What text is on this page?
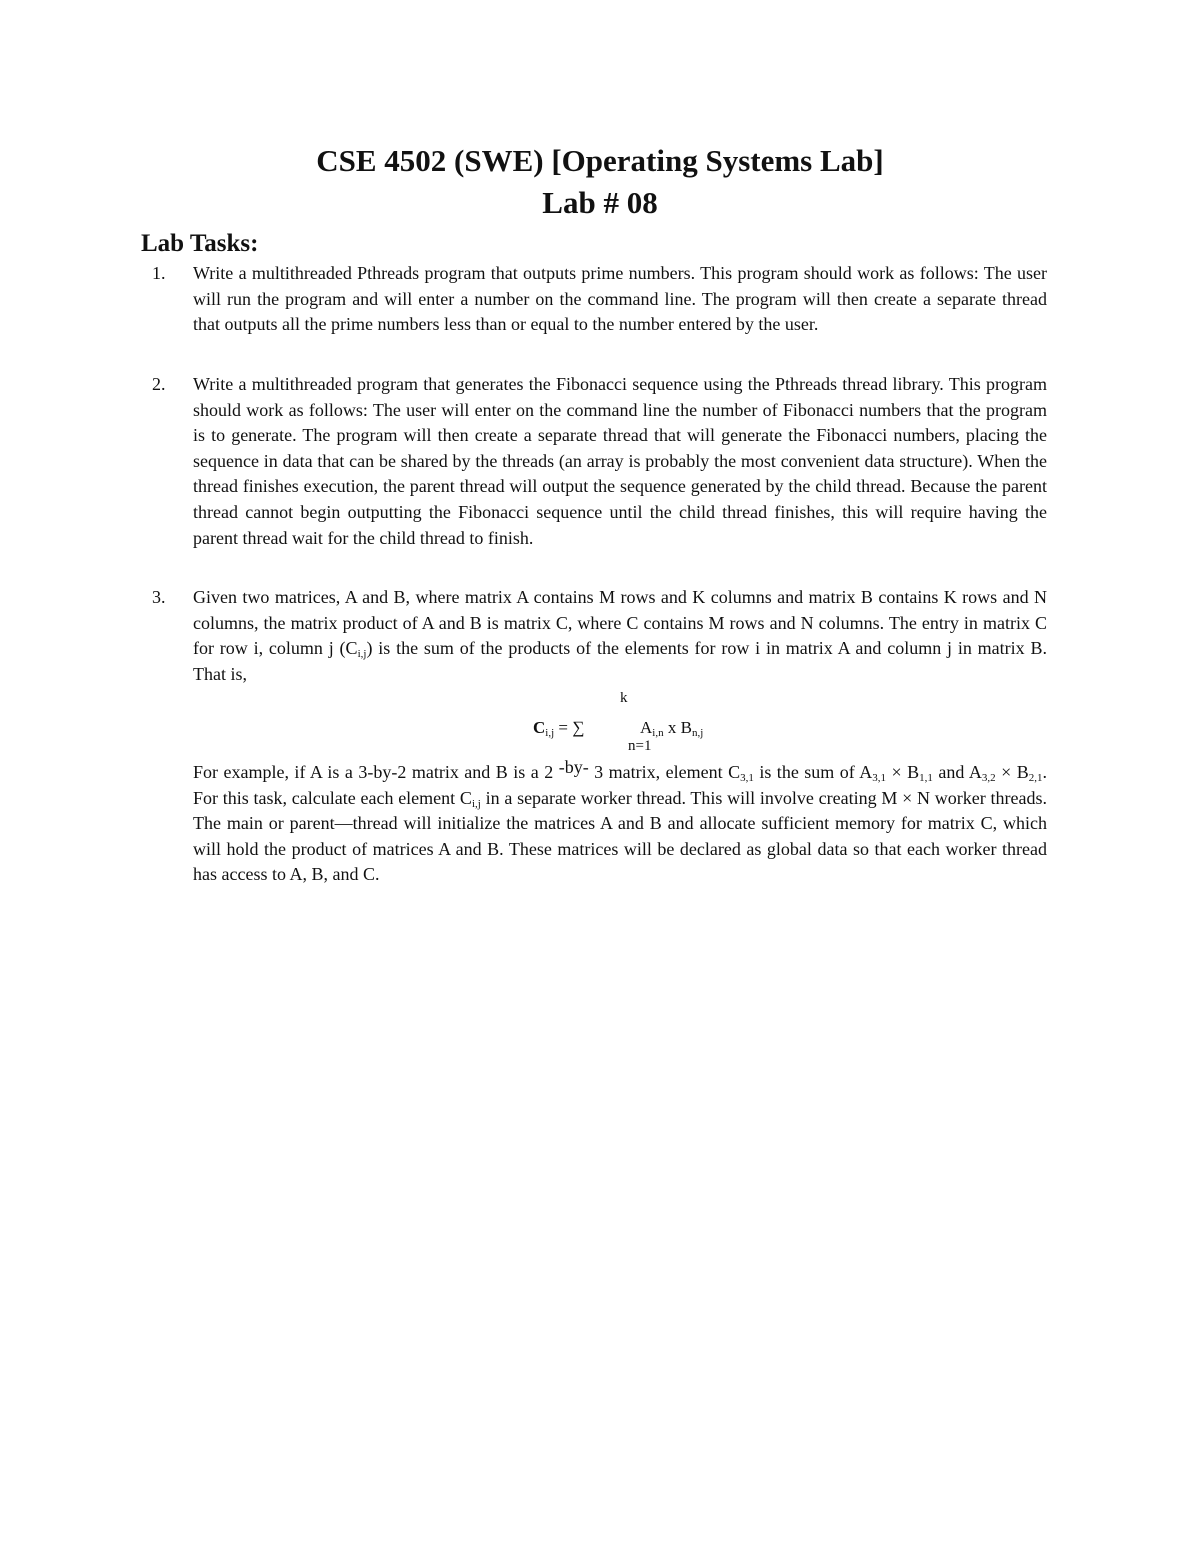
CSE 4502 (SWE) [Operating Systems Lab]
Lab # 08
Lab Tasks:
1. Write a multithreaded Pthreads program that outputs prime numbers. This program should work as follows: The user will run the program and will enter a number on the command line. The program will then create a separate thread that outputs all the prime numbers less than or equal to the number entered by the user.
2. Write a multithreaded program that generates the Fibonacci sequence using the Pthreads thread library. This program should work as follows: The user will enter on the command line the number of Fibonacci numbers that the program is to generate. The program will then create a separate thread that will generate the Fibonacci numbers, placing the sequence in data that can be shared by the threads (an array is probably the most convenient data structure). When the thread finishes execution, the parent thread will output the sequence generated by the child thread. Because the parent thread cannot begin outputting the Fibonacci sequence until the child thread finishes, this will require having the parent thread wait for the child thread to finish.
3. Given two matrices, A and B, where matrix A contains M rows and K columns and matrix B contains K rows and N columns, the matrix product of A and B is matrix C, where C contains M rows and N columns. The entry in matrix C for row i, column j $(C_{i,j})$ is the sum of the products of the elements for row i in matrix A and column j in matrix B. That is,
k
$C_{i,j}$ = ∑	$A_{i,n}$ x $B_{n,j}$
n=1
For example, if A is a 3-by-2 matrix and B is a 2 -by- 3 matrix, element $C_{3,1}$ is the sum of $A_{3,1} \times B_{1,1}$ and $A_{3,2} \times B_{2,1}$. For this task, calculate each element $C_{i,j}$ in a separate worker thread. This will involve creating M × N worker threads. The main or parent—thread will initialize the matrices A and B and allocate sufficient memory for matrix C, which will hold the product of matrices A and B. These matrices will be declared as global data so that each worker thread has access to A, B, and C.
